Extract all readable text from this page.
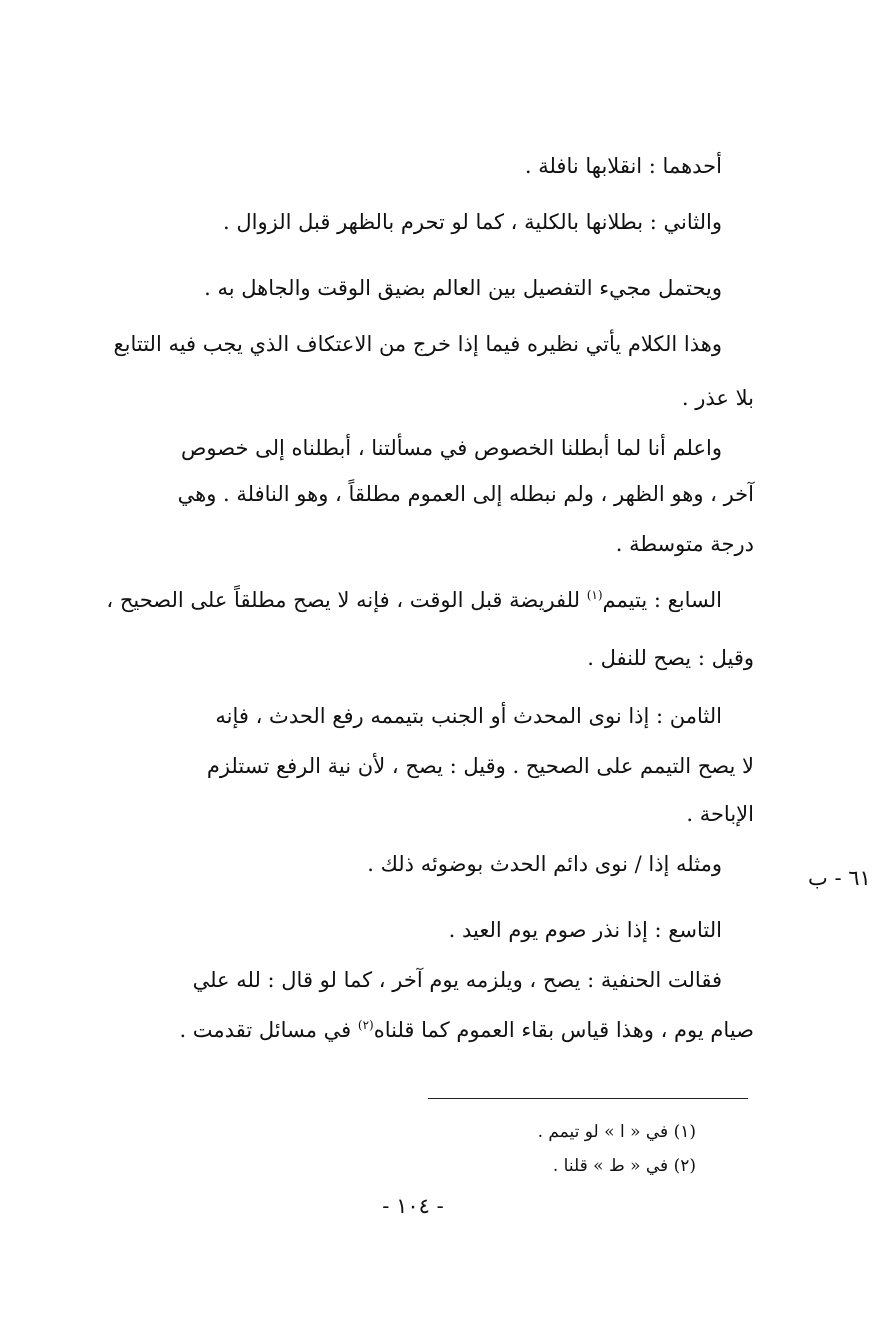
أحدهما : انقلابها نافلة .
والثاني : بطلانها بالكلية ، كما لو تحرم بالظهر قبل الزوال .
ويحتمل مجيء التفصيل بين العالم بضيق الوقت والجاهل به .
وهذا الكلام يأتي نظيره فيما إذا خرج من الاعتكاف الذي يجب فيه التتابع
بلا عذر .
واعلم أنا لما أبطلنا الخصوص في مسألتنا ، أبطلناه إلى خصوص
آخر ، وهو الظهر ، ولم نبطله إلى العموم مطلقاً ، وهو النافلة . وهي
درجة متوسطة .
السابع : يتيمم$^{(١)}$ للفريضة قبل الوقت ، فإنه لا يصح مطلقاً على الصحيح ،
وقيل : يصح للنفل .
الثامن : إذا نوى المحدث أو الجنب بتيممه رفع الحدث ، فإنه
لا يصح التيمم على الصحيح . وقيل : يصح ، لأن نية الرفع تستلزم
الإباحة .
ومثله إذا / نوى دائم الحدث بوضوئه ذلك .
٦١ - ب
التاسع : إذا نذر صوم يوم العيد .
فقالت الحنفية : يصح ، ويلزمه يوم آخر ، كما لو قال : لله علي
صيام يوم ، وهذا قياس بقاء العموم كما قلناه$^{(٢)}$ في مسائل تقدمت .
(١) في « ا » لو تيمم .
(٢) في « ط » قلنا .
- ١٠٤ -
